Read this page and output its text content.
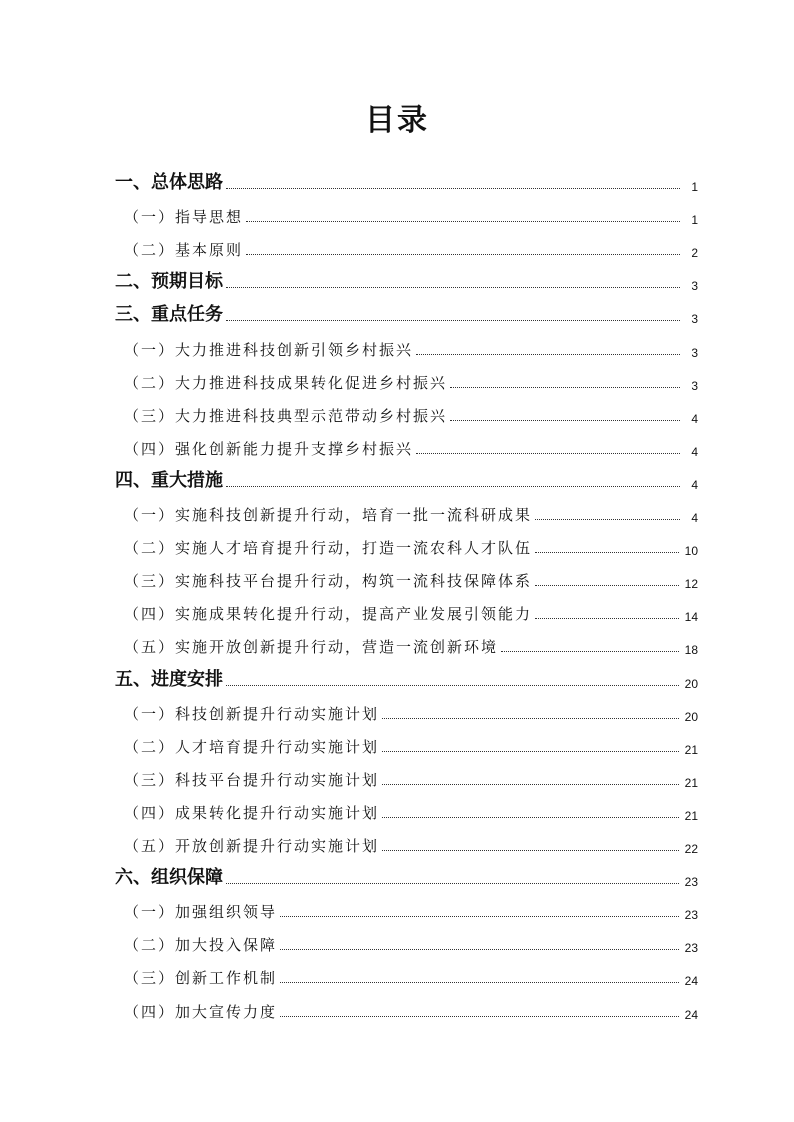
目录
一、总体思路	1
（一）指导思想	1
（二）基本原则	2
二、预期目标	3
三、重点任务	3
（一）大力推进科技创新引领乡村振兴	3
（二）大力推进科技成果转化促进乡村振兴	3
（三）大力推进科技典型示范带动乡村振兴	4
（四）强化创新能力提升支撑乡村振兴	4
四、重大措施	4
（一）实施科技创新提升行动，培育一批一流科研成果	4
（二）实施人才培育提升行动，打造一流农科人才队伍	10
（三）实施科技平台提升行动，构筑一流科技保障体系	12
（四）实施成果转化提升行动，提高产业发展引领能力	14
（五）实施开放创新提升行动，营造一流创新环境	18
五、进度安排	20
（一）科技创新提升行动实施计划	20
（二）人才培育提升行动实施计划	21
（三）科技平台提升行动实施计划	21
（四）成果转化提升行动实施计划	21
（五）开放创新提升行动实施计划	22
六、组织保障	23
（一）加强组织领导	23
（二）加大投入保障	23
（三）创新工作机制	24
（四）加大宣传力度	24
